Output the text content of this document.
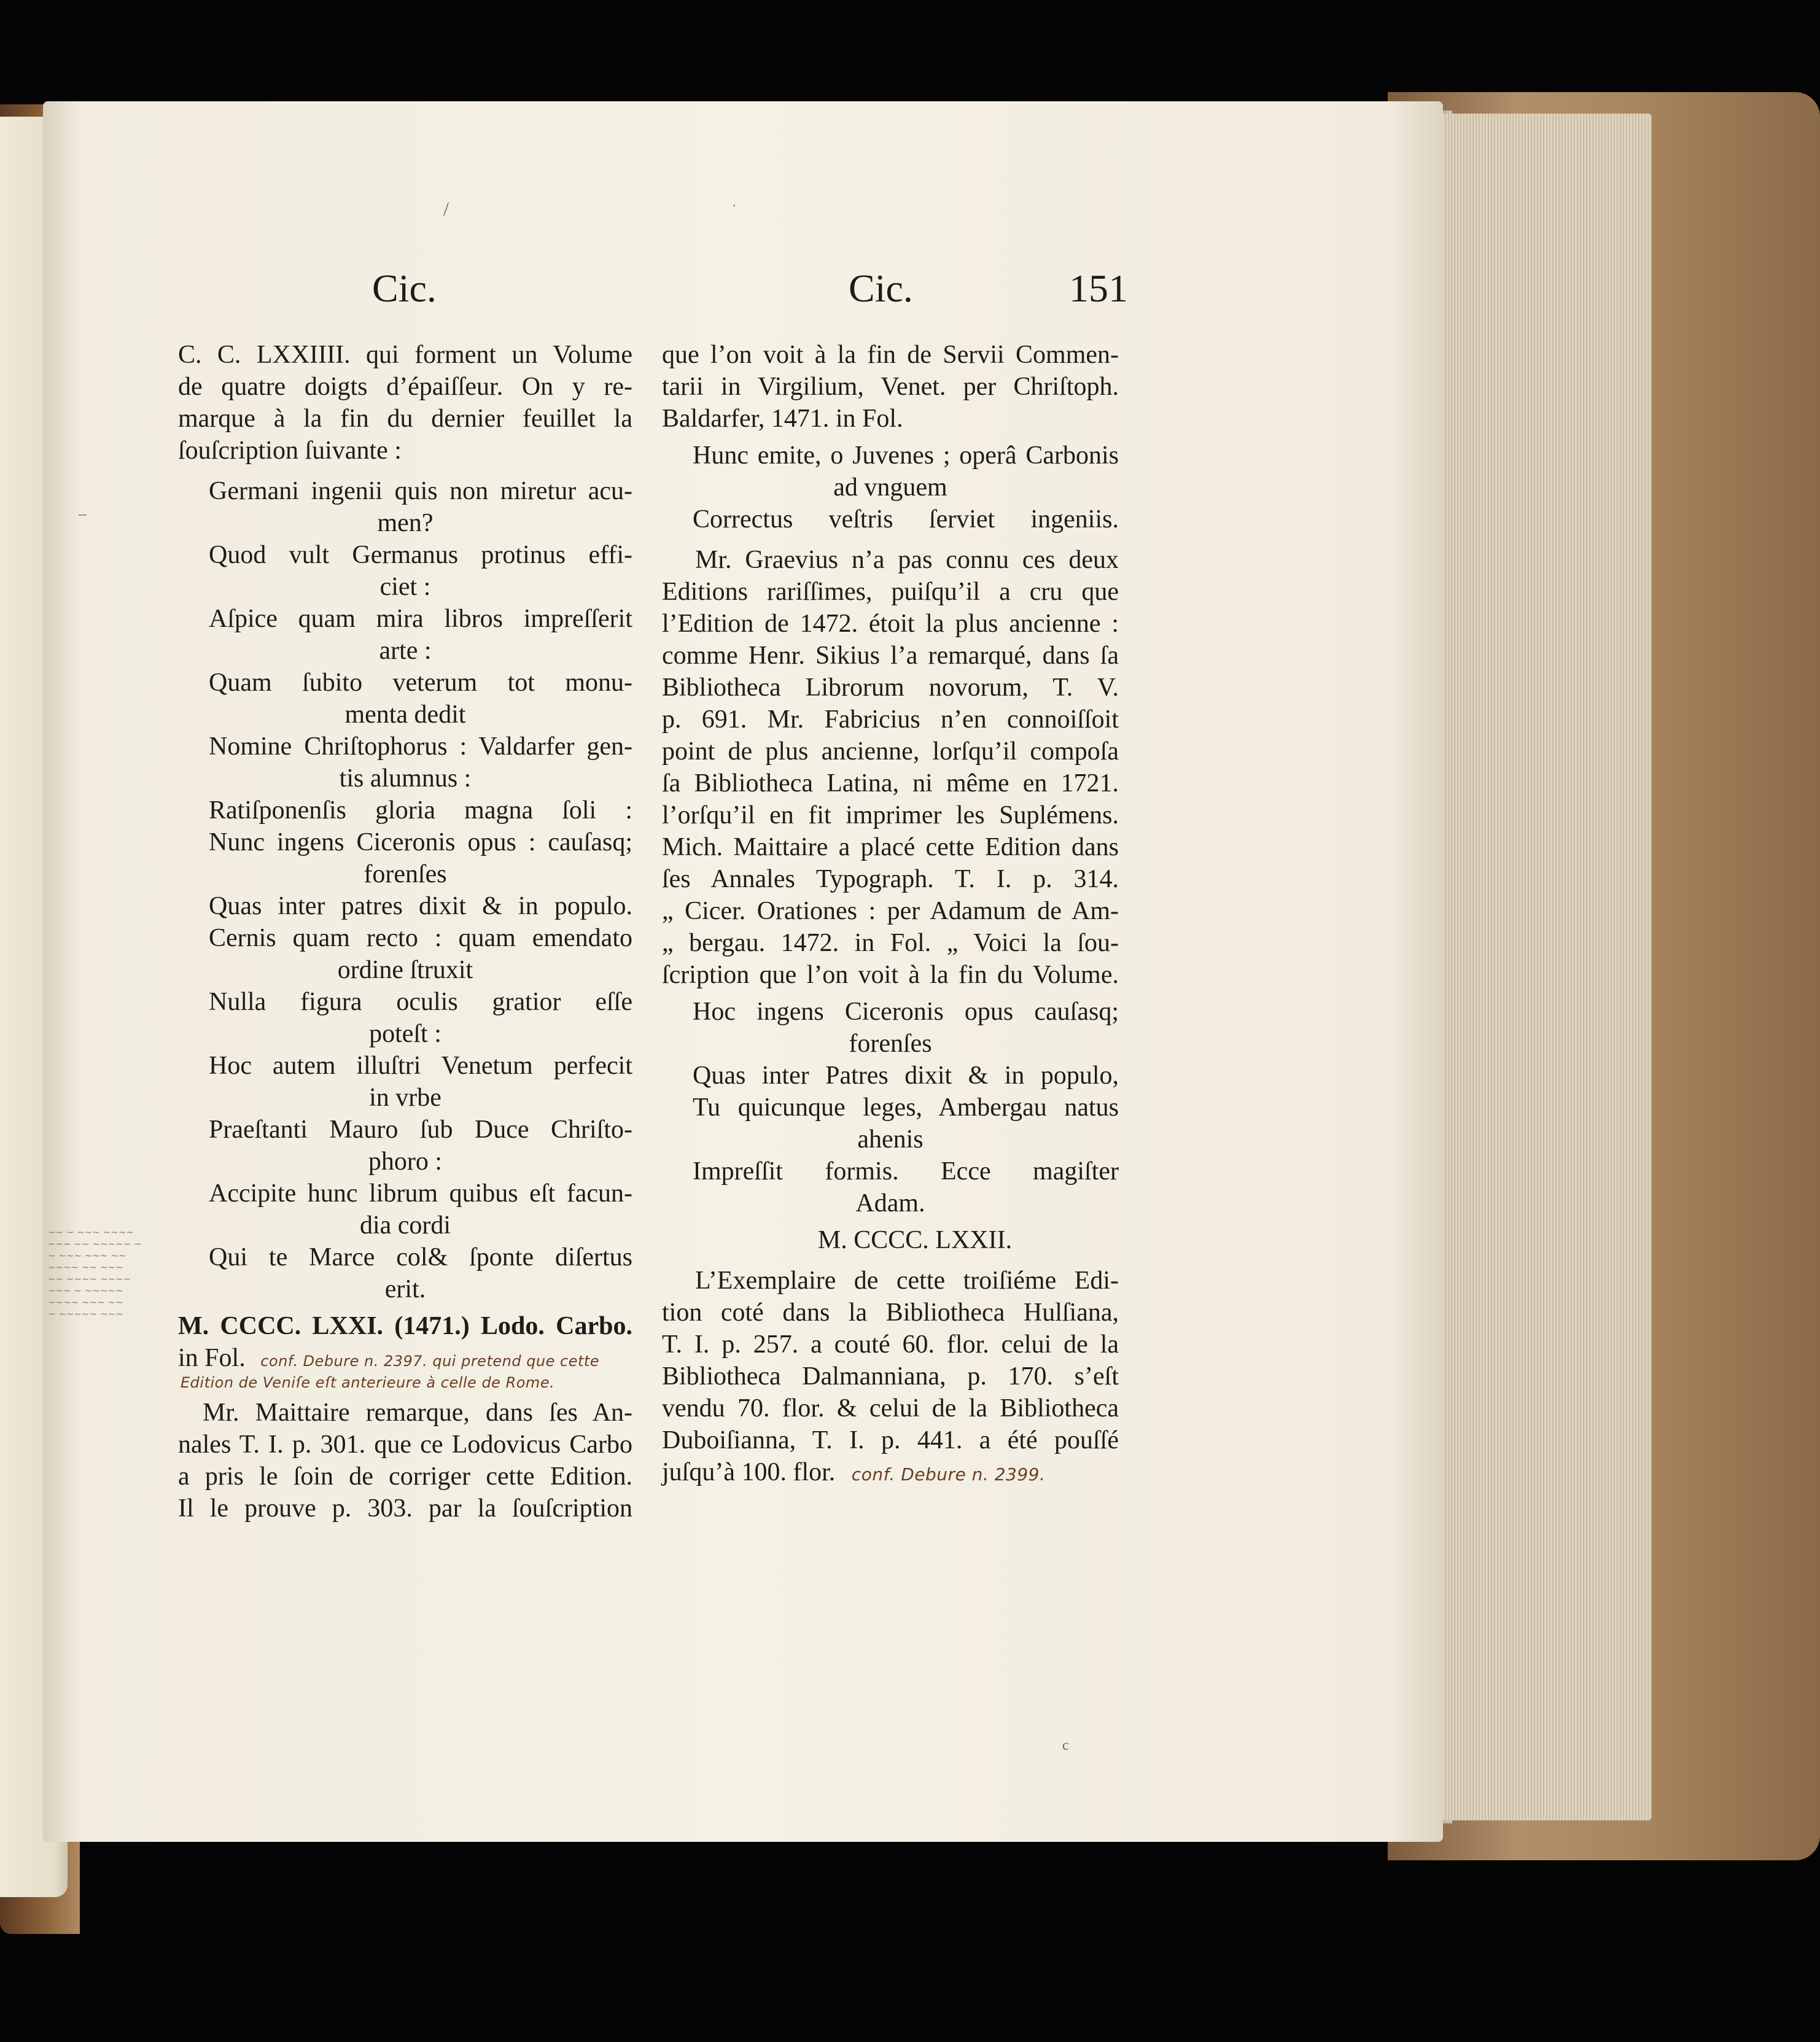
Cic.	Cic.	151
/	·
–
c
C. C. LXXIIII. qui forment un Volume
de quatre doigts d’épaiſſeur. On y re-
marque à la fin du dernier feuillet la
ſouſcription ſuivante :
Germani ingenii quis non miretur acu-
men?
Quod vult Germanus protinus effi-
ciet :
Aſpice quam mira libros impreſſerit
arte :
Quam ſubito veterum tot monu-
menta dedit
Nomine Chriſtophorus : Valdarfer gen-
tis alumnus :
Ratiſponenſis gloria magna ſoli :
Nunc ingens Ciceronis opus : cauſasq;
forenſes
Quas inter patres dixit & in populo.
Cernis quam recto : quam emendato
ordine ſtruxit
Nulla figura oculis gratior eſſe
poteſt :
Hoc autem illuſtri Venetum perfecit
in vrbe
Praeſtanti Mauro ſub Duce Chriſto-
phoro :
Accipite hunc librum quibus eſt facun-
dia cordi
Qui te Marce col& ſponte diſertus
erit.
M. CCCC. LXXI. (1471.) Lodo. Carbo.
in Fol. conf. Debure n. 2397. qui pretend que cette
Edition de Veniſe eſt anterieure à celle de Rome.
Mr. Maittaire remarque, dans ſes An-
nales T. I. p. 301. que ce Lodovicus Carbo
a pris le ſoin de corriger cette Edition.
Il le prouve p. 303. par la ſouſcription
~~ ~ ~~~ ~~~~
~~~ ~~ ~~~~~ ~
~ ~~~ ~~~ ~~
~~~~ ~~ ~~~
~~ ~~~~ ~~~~
~~~ ~ ~~~~~
~~~~ ~~~ ~~
~ ~~~~~ ~~~
que l’on voit à la fin de Servii Commen-
tarii in Virgilium, Venet. per Chriſtoph.
Baldarfer, 1471. in Fol.
Hunc emite, o Juvenes ; operâ Carbonis
ad vnguem
Correctus veſtris ſerviet ingeniis.
Mr. Graevius n’a pas connu ces deux
Editions rariſſimes, puiſqu’il a cru que
l’Edition de 1472. étoit la plus ancienne :
comme Henr. Sikius l’a remarqué, dans ſa
Bibliotheca Librorum novorum, T. V.
p. 691. Mr. Fabricius n’en connoiſſoit
point de plus ancienne, lorſqu’il compoſa
ſa Bibliotheca Latina, ni même en 1721.
l’orſqu’il en fit imprimer les Suplémens.
Mich. Maittaire a placé cette Edition dans
ſes Annales Typograph. T. I. p. 314.
„ Cicer. Orationes : per Adamum de Am-
„ bergau. 1472. in Fol. „ Voici la ſou-
ſcription que l’on voit à la fin du Volume.
Hoc ingens Ciceronis opus cauſasq;
forenſes
Quas inter Patres dixit & in populo,
Tu quicunque leges, Ambergau natus
ahenis
Impreſſit formis. Ecce magiſter
Adam.
M. CCCC. LXXII.
L’Exemplaire de cette troiſiéme Edi-
tion coté dans la Bibliotheca Hulſiana,
T. I. p. 257. a couté 60. flor. celui de la
Bibliotheca Dalmanniana, p. 170. s’eſt
vendu 70. flor. & celui de la Bibliotheca
Duboiſianna, T. I. p. 441. a été pouſſé
juſqu’à 100. flor. conf. Debure n. 2399.
